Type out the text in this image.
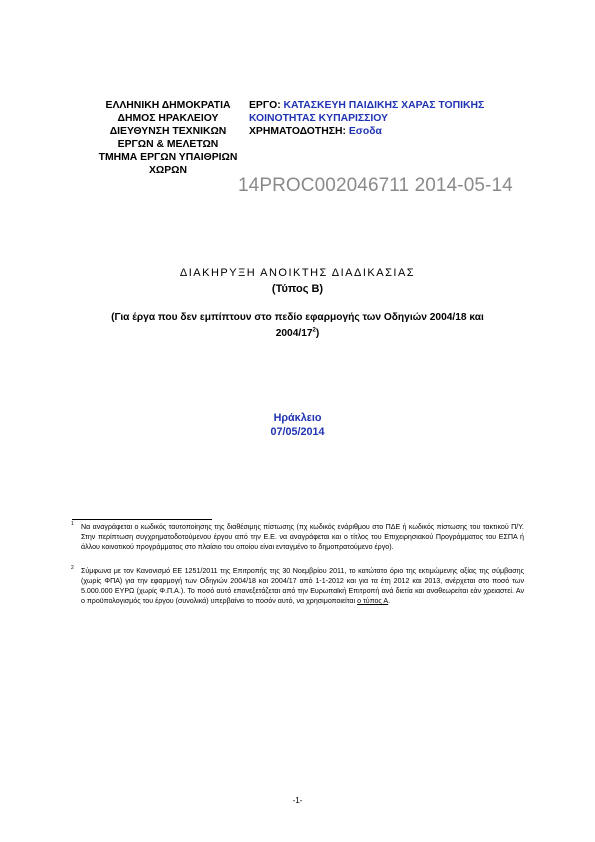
ΕΛΛΗΝΙΚΗ ΔΗΜΟΚΡΑΤΙΑ
ΔΗΜΟΣ ΗΡΑΚΛΕΙΟΥ
ΔΙΕΥΘΥΝΣΗ ΤΕΧΝΙΚΩΝ
ΕΡΓΩΝ & ΜΕΛΕΤΩΝ
ΤΜΗΜΑ ΕΡΓΩΝ ΥΠΑΙΘΡΙΩΝ
ΧΩΡΩΝ
ΕΡΓΟ: ΚΑΤΑΣΚΕΥΗ ΠΑΙΔΙΚΗΣ ΧΑΡΑΣ ΤΟΠΙΚΗΣ
ΚΟΙΝΟΤΗΤΑΣ ΚΥΠΑΡΙΣΣΙΟΥ
ΧΡΗΜΑΤΟΔΟΤΗΣΗ: Εσοδα
14PROC002046711 2014-05-14
ΔΙΑΚΗΡΥΞΗ ΑΝΟΙΚΤΗΣ ΔΙΑΔΙΚΑΣΙΑΣ
(Τύπος Β)
(Για έργα που δεν εμπίπτουν στο πεδίο εφαρμογής των Οδηγιών 2004/18 και
$2004/17^2$)
Ηράκλειο
07/05/2014
1	Να αναγράφεται ο κωδικός ταυτοποίησης της διαθέσιμης πίστωσης (πχ κωδικός ενάριθμου στο ΠΔΕ ή κωδικός πίστωσης του τακτικού Π/Υ. Στην περίπτωση συγχρηματοδοτούμενου έργου από την Ε.Ε. να αναγράφεται και ο τίτλος του Επιχειρησιακού Προγράμματος του ΕΣΠΑ ή άλλου κοινοτικού προγράμματος στο πλαίσιο του οποίου είναι ενταγμένο το δημοπρατούμενο έργο).
2	Σύμφωνα με τον Κανονισμό ΕΕ 1251/2011 της Επιτροπής της 30 Νοεμβρίου 2011, το κατώτατο όριο της εκτιμώμενης αξίας της σύμβασης (χωρίς ΦΠΑ) για την εφαρμογή των Οδηγιών 2004/18 και 2004/17 από 1-1-2012 και για τα έτη 2012 και 2013, ανέρχεται στο ποσό των 5.000.000 ΕΥΡΩ (χωρίς Φ.Π.Α.). Το ποσό αυτό επανεξετάζεται από την Ευρωπαϊκή Επιτροπή ανά διετία και αναθεωρείται εάν χρειαστεί. Αν ο προϋπολογισμός του έργου (συνολικά) υπερβαίνει το ποσόν αυτό, να χρησιμοποιείται ο τύπος Α.
-1-
